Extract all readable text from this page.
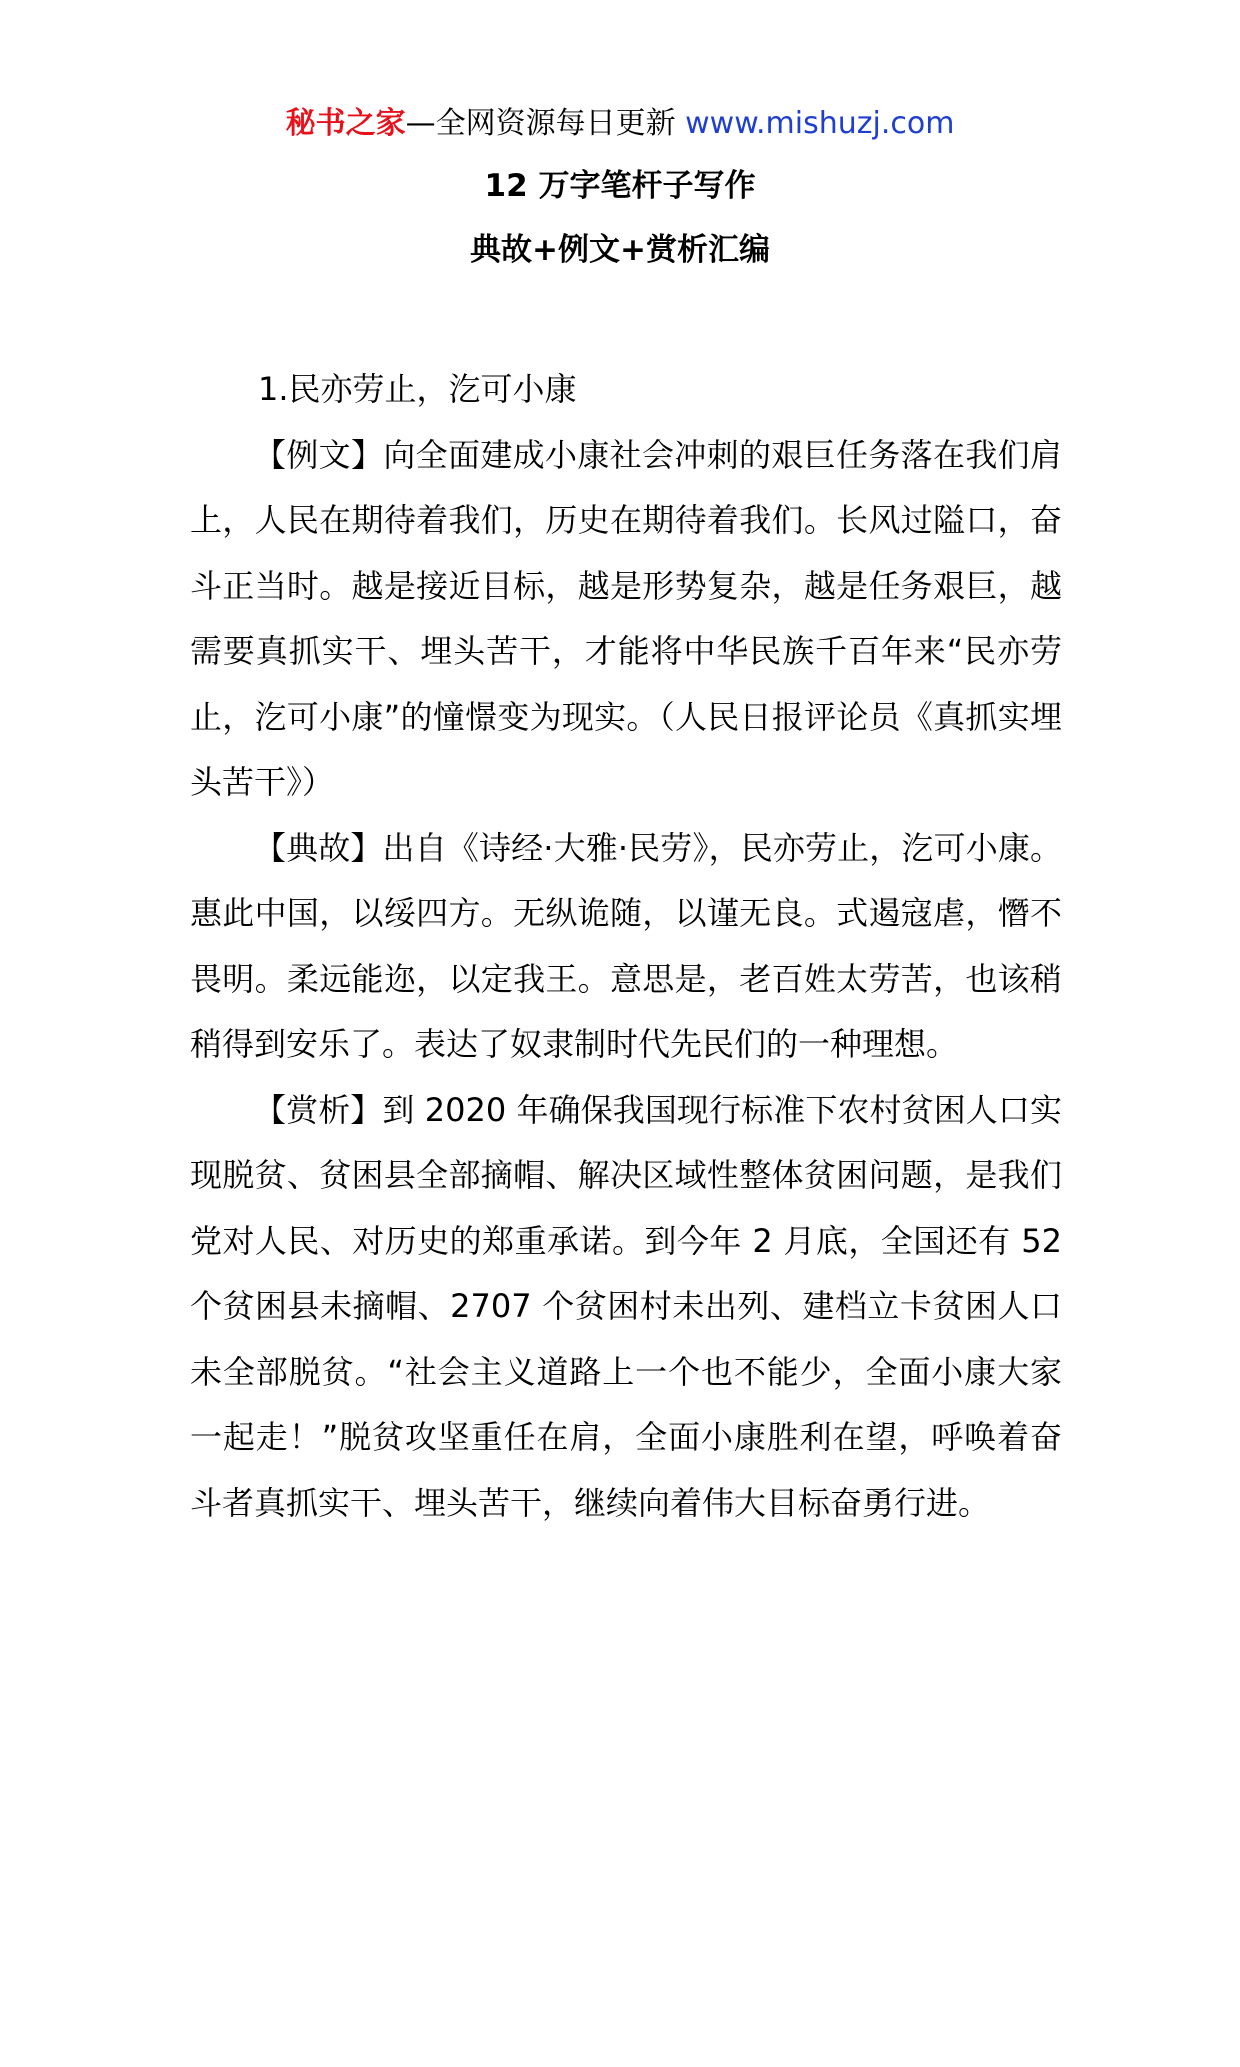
秘书之家—全网资源每日更新 www.mishuzj.com
12 万字笔杆子写作
典故+例文+赏析汇编

1.民亦劳止，汔可小康

【例文】向全面建成小康社会冲刺的艰巨任务落在我们肩上，人民在期待着我们，历史在期待着我们。长风过隘口，奋斗正当时。越是接近目标，越是形势复杂，越是任务艰巨，越需要真抓实干、埋头苦干，才能将中华民族千百年来“民亦劳止，汔可小康”的憧憬变为现实。（人民日报评论员《真抓实埋头苦干》）

【典故】出自《诗经·大雅·民劳》，民亦劳止，汔可小康。惠此中国，以绥四方。无纵诡随，以谨无良。式遏寇虐，憯不畏明。柔远能迩，以定我王。意思是，老百姓太劳苦，也该稍稍得到安乐了。表达了奴隶制时代先民们的一种理想。

【赏析】到 2020 年确保我国现行标准下农村贫困人口实现脱贫、贫困县全部摘帽、解决区域性整体贫困问题，是我们党对人民、对历史的郑重承诺。到今年 2 月底，全国还有 52 个贫困县未摘帽、2707 个贫困村未出列、建档立卡贫困人口未全部脱贫。“社会主义道路上一个也不能少，全面小康大家一起走！”脱贫攻坚重任在肩，全面小康胜利在望，呼唤着奋斗者真抓实干、埋头苦干，继续向着伟大目标奋勇行进。
